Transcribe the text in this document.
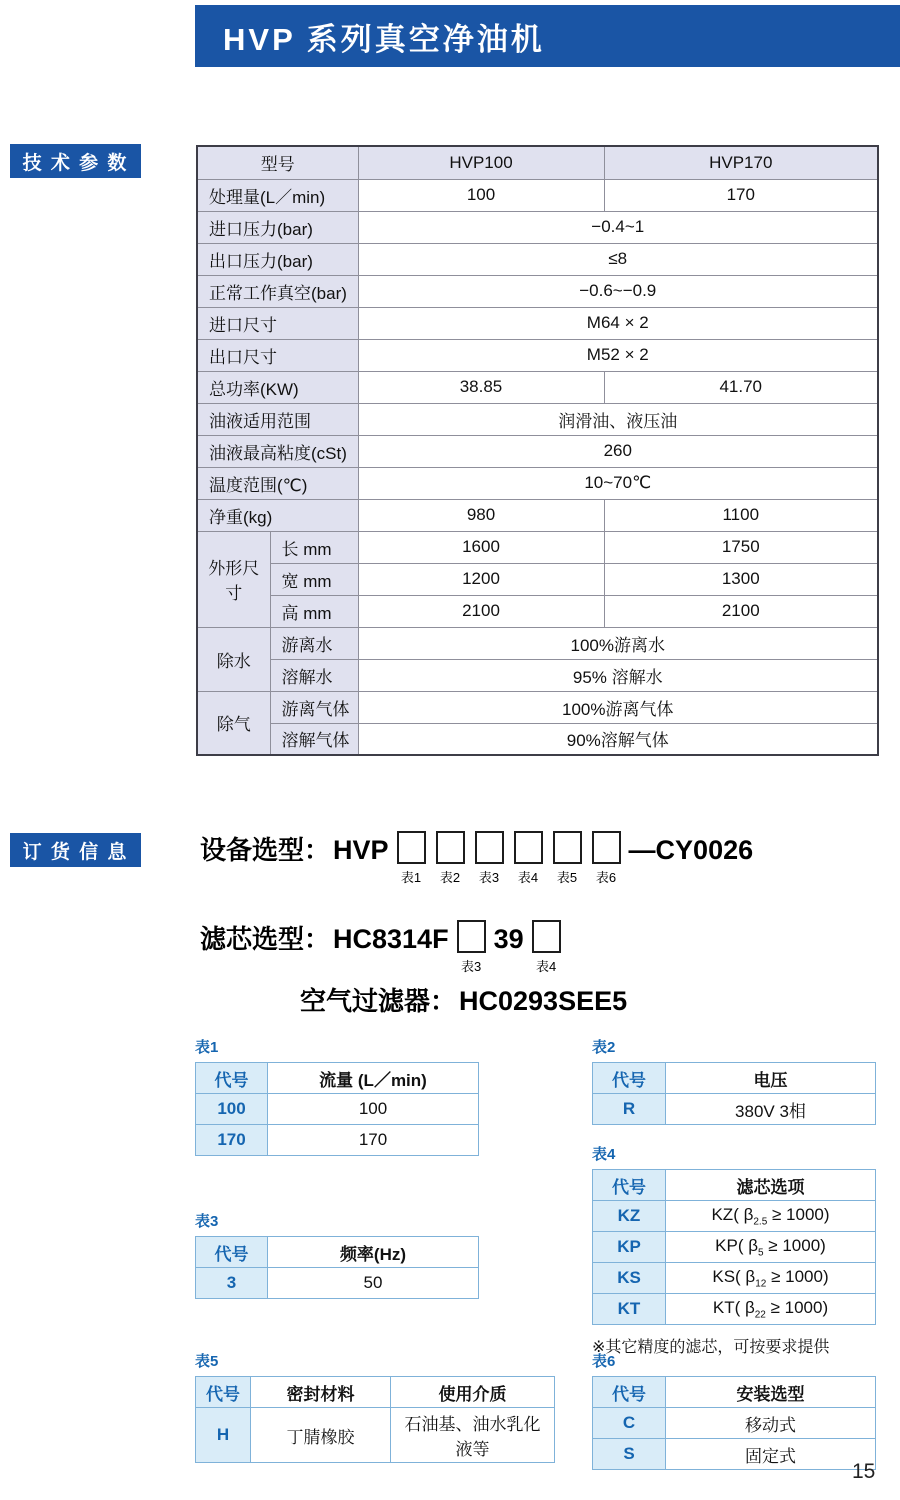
HVP 系列真空净油机
技 术 参 数
订 货 信 息
型号		HVP100	HVP170
处理量(L／min)		100	170
进口压力(bar)		−0.4~1	
出口压力(bar)		≤8	
正常工作真空(bar)		−0.6~−0.9	
进口尺寸		M64 × 2	
出口尺寸		M52 × 2	
总功率(KW)		38.85	41.70
油液适用范围		润滑油、液压油	
油液最高粘度(cSt)		260	
温度范围(℃)		10~70℃	
净重(kg)		980	1100
外形尺寸	长 mm	1600	1750
	宽 mm	1200	1300
	高 mm	2100	2100
除水	游离水	100%游离水	
	溶解水	95% 溶解水	
除气	游离气体	100%游离气体	
	溶解气体	90%溶解气体	
设备选型： HVP
表1 表2 表3 表4 表5 表6
—CY0026
滤芯选型： HC8314F
表3
39
表4
空气过滤器： HC0293SEE5
表1
代号	流量 (L／min)
100	100
170	170
表2
代号	电压
R	380V 3相
表3
代号	频率(Hz)
3	50
表4
代号	滤芯选项
KZ	KZ( $\beta_{2.5} \ge 1000$)
KP	KP( $\beta_5 \ge 1000$)
KS	KS( $\beta_{12} \ge 1000$)
KT	KT( $\beta_{22} \ge 1000$)
※其它精度的滤芯，可按要求提供
表5
代号	密封材料	使用介质
H	丁腈橡胶	石油基、油水乳化液等
表6
代号	安装选型
C	移动式
S	固定式
15
